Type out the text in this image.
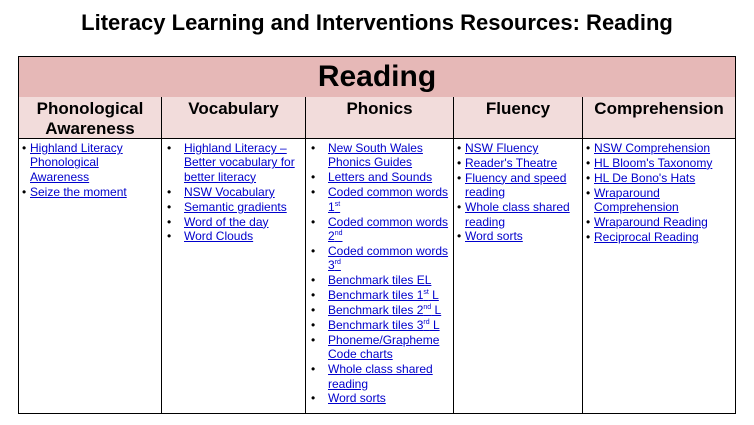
Literacy Learning and Interventions Resources: Reading
Reading
Phonological Awareness
• Highland Literacy Phonological Awareness
• Seize the moment
Vocabulary
• Highland Literacy – Better vocabulary for better literacy
• NSW Vocabulary
• Semantic gradients
• Word of the day
• Word Clouds
Phonics
• New South Wales Phonics Guides
• Letters and Sounds
• Coded common words 1st
• Coded common words 2nd
• Coded common words 3rd
• Benchmark tiles EL
• Benchmark tiles 1st L
• Benchmark tiles 2nd L
• Benchmark tiles 3rd L
• Phoneme/Grapheme Code charts
• Whole class shared reading
• Word sorts
Fluency
• NSW Fluency
• Reader's Theatre
• Fluency and speed reading
• Whole class shared reading
• Word sorts
Comprehension
• NSW Comprehension
• HL Bloom's Taxonomy
• HL De Bono's Hats
• Wraparound Comprehension
• Wraparound Reading
• Reciprocal Reading
